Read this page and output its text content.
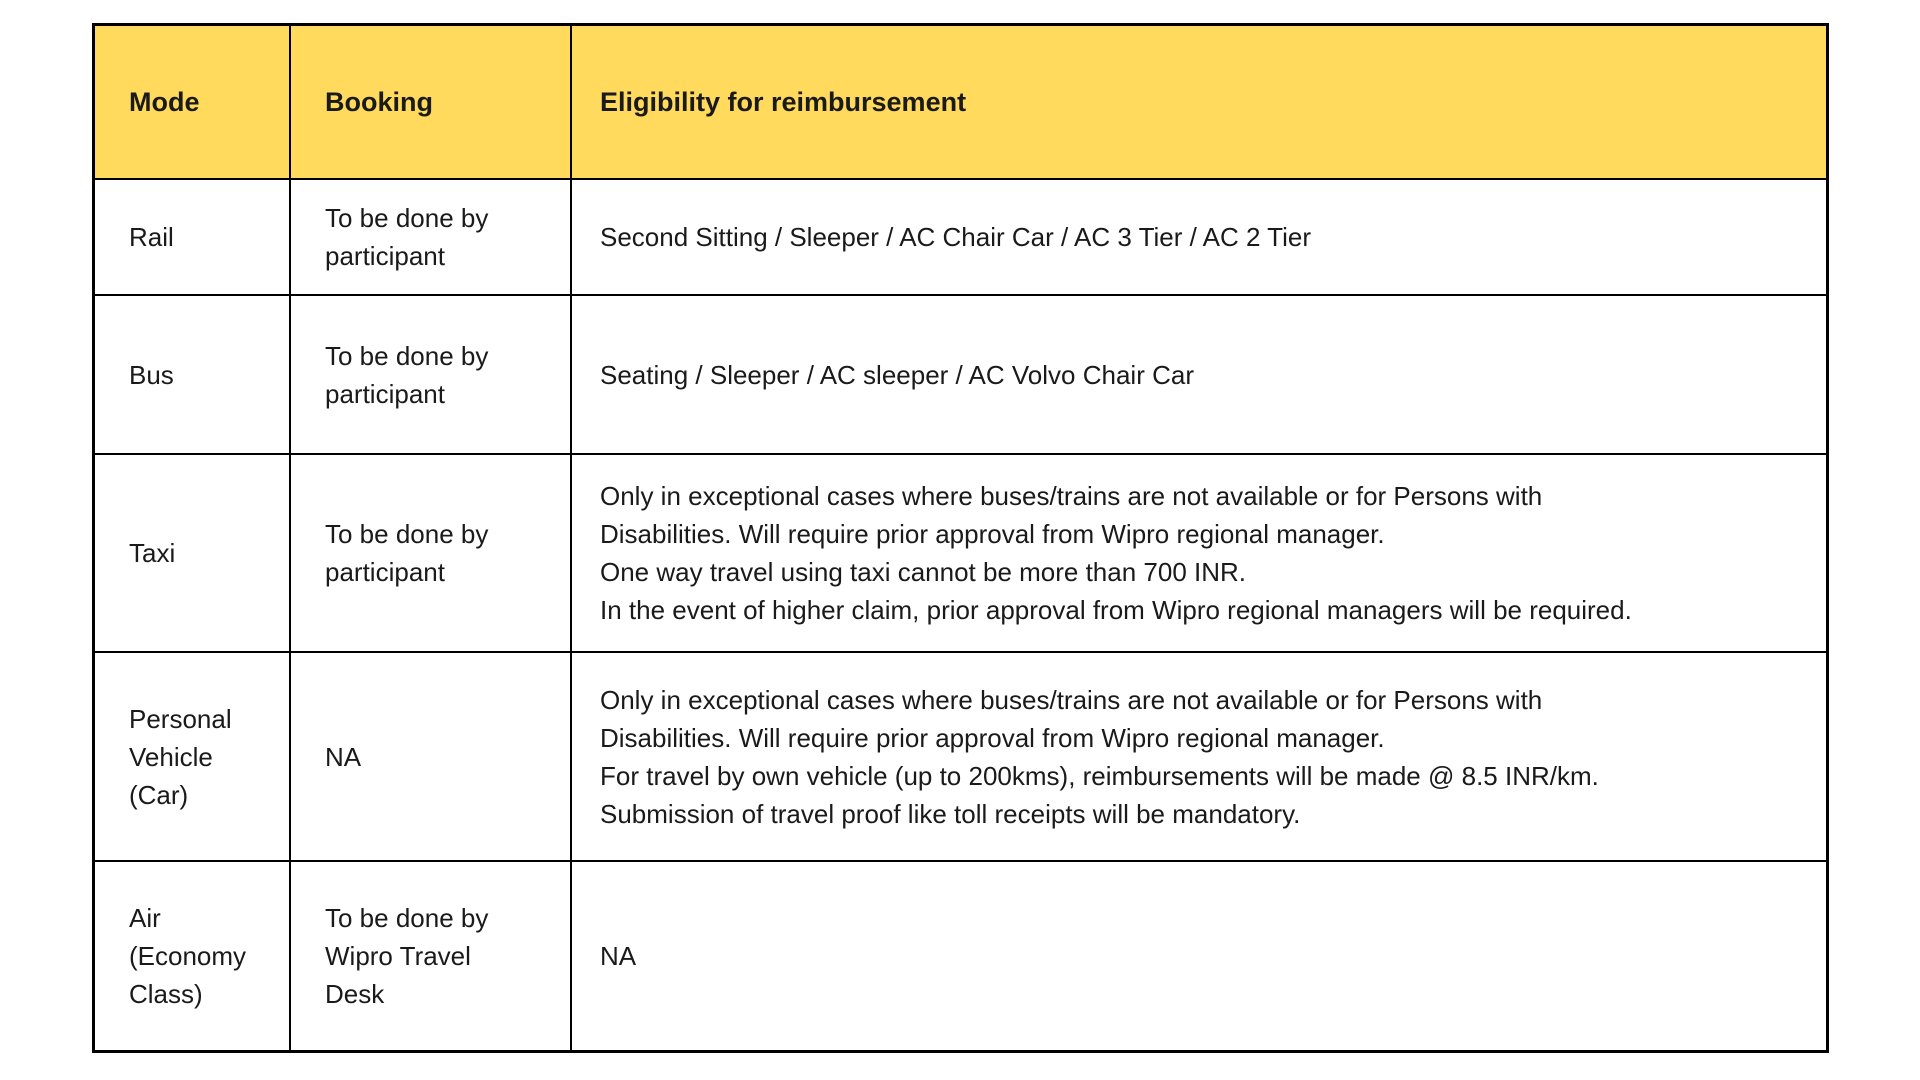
Mode	Booking	Eligibility for reimbursement
Rail
To be done by participant
Second Sitting / Sleeper / AC Chair Car / AC 3 Tier / AC 2 Tier
Bus
To be done by participant
Seating / Sleeper / AC sleeper / AC Volvo Chair Car
Taxi
To be done by participant
Only in exceptional cases where buses/trains are not available or for Persons with
Disabilities. Will require prior approval from Wipro regional manager.
One way travel using taxi cannot be more than 700 INR.
In the event of higher claim, prior approval from Wipro regional managers will be required.
Personal Vehicle (Car)
NA
Only in exceptional cases where buses/trains are not available or for Persons with
Disabilities. Will require prior approval from Wipro regional manager.
For travel by own vehicle (up to 200kms), reimbursements will be made @ 8.5 INR/km.
Submission of travel proof like toll receipts will be mandatory.
Air (Economy Class)
To be done by Wipro Travel Desk
NA
